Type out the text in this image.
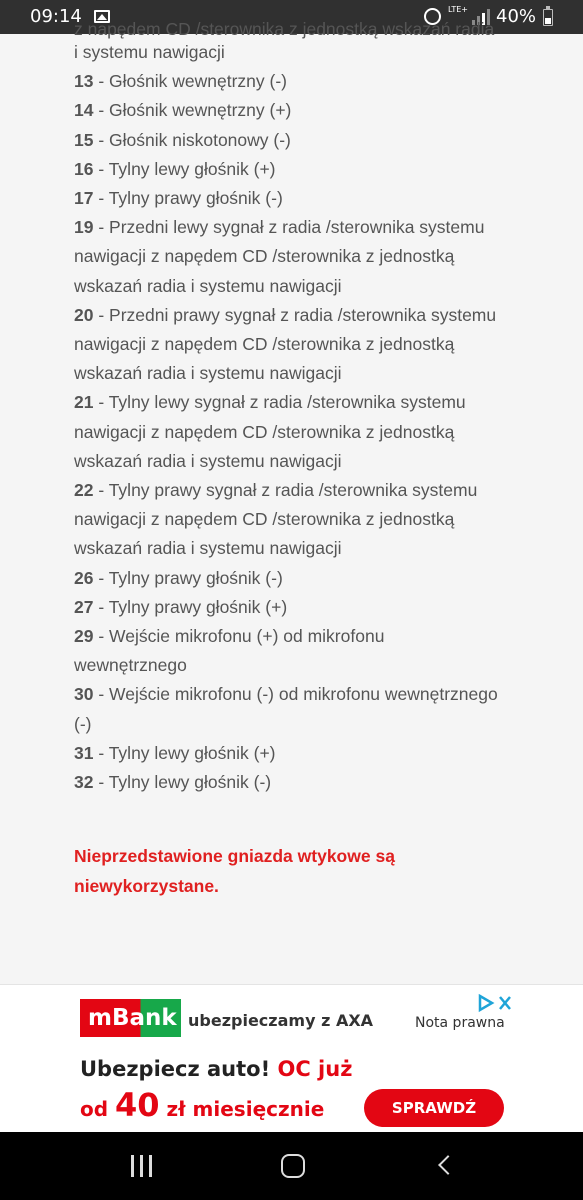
09:14	LTE+ 40%
z napędem CD /sterownika z jednostką wskazań radia
i systemu nawigacji
13 - Głośnik wewnętrzny (-)
14 - Głośnik wewnętrzny (+)
15 - Głośnik niskotonowy (-)
16 - Tylny lewy głośnik (+)
17 - Tylny prawy głośnik (-)
19 - Przedni lewy sygnał z radia /sterownika systemu
nawigacji z napędem CD /sterownika z jednostką
wskazań radia i systemu nawigacji
20 - Przedni prawy sygnał z radia /sterownika systemu
nawigacji z napędem CD /sterownika z jednostką
wskazań radia i systemu nawigacji
21 - Tylny lewy sygnał z radia /sterownika systemu
nawigacji z napędem CD /sterownika z jednostką
wskazań radia i systemu nawigacji
22 - Tylny prawy sygnał z radia /sterownika systemu
nawigacji z napędem CD /sterownika z jednostką
wskazań radia i systemu nawigacji
26 - Tylny prawy głośnik (-)
27 - Tylny prawy głośnik (+)
29 - Wejście mikrofonu (+) od mikrofonu
wewnętrznego
30 - Wejście mikrofonu (-) od mikrofonu wewnętrznego
(-)
31 - Tylny lewy głośnik (+)
32 - Tylny lewy głośnik (-)
Nieprzedstawione gniazda wtykowe są
niewykorzystane.
mBank ubezpieczamy z AXA	Nota prawna
Ubezpiecz auto! OC już
od 40 zł miesięcznie	SPRAWDŹ
